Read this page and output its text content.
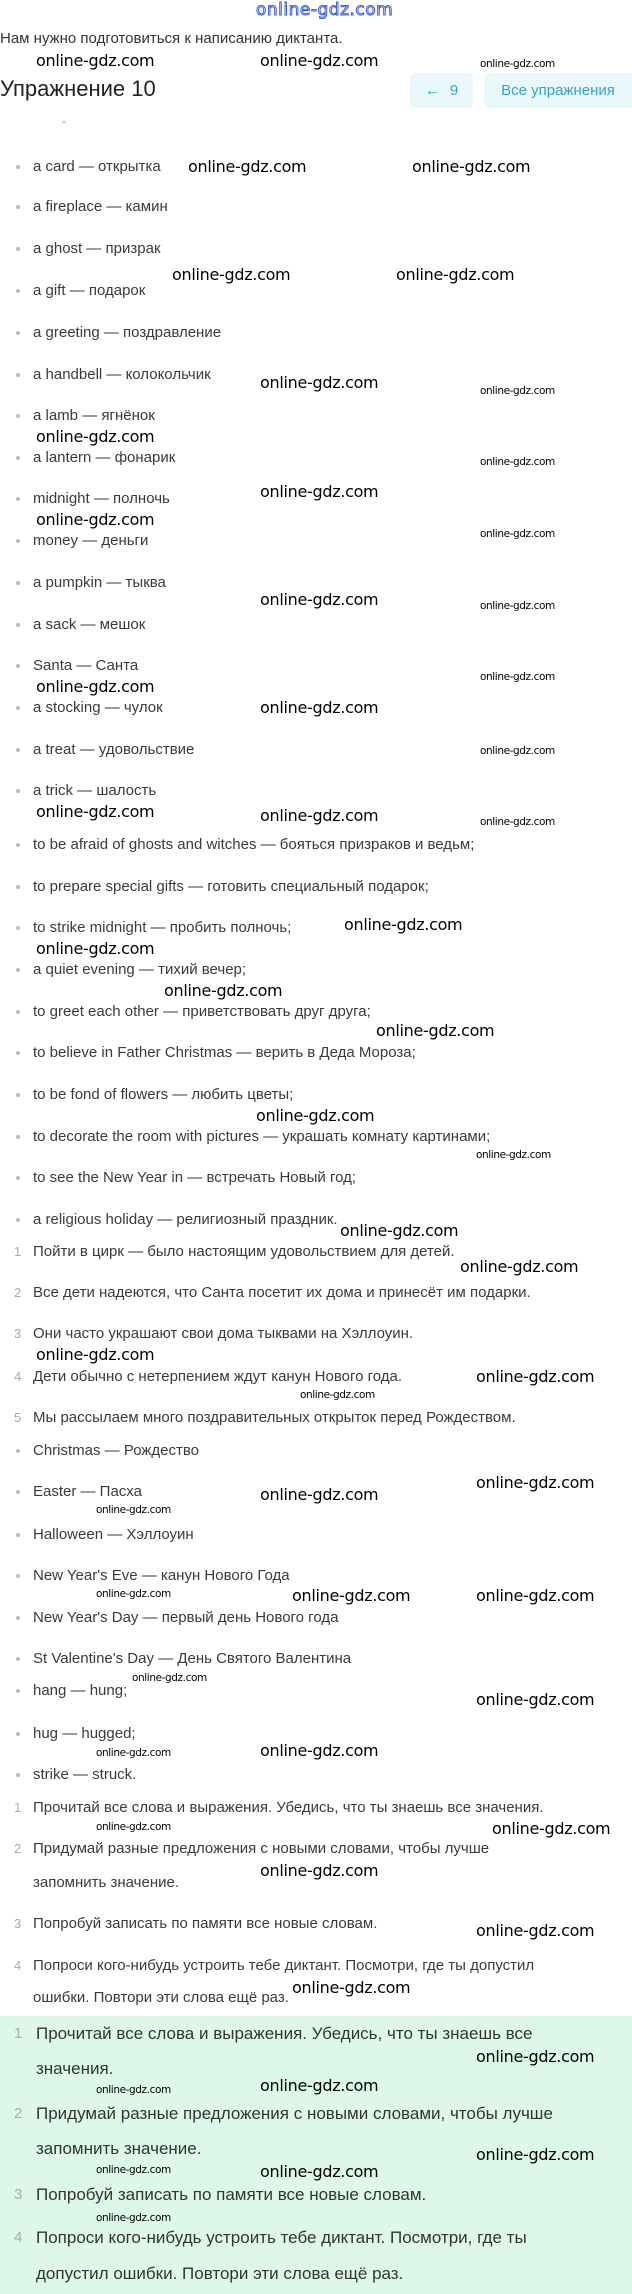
online-gdz.com
Нам нужно подготовиться к написанию диктанта.
Упражнение 10	← 9	Все упражнения
-
a card — открытка
a fireplace — камин
a ghost — призрак
a gift — подарок
a greeting — поздравление
a handbell — колокольчик
a lamb — ягнёнок
a lantern — фонарик
midnight — полночь
money — деньги
a pumpkin — тыква
a sack — мешок
Santa — Санта
a stocking — чулок
a treat — удовольствие
a trick — шалость
to be afraid of ghosts and witches — бояться призраков и ведьм;
to prepare special gifts — готовить специальный подарок;
to strike midnight — пробить полночь;
a quiet evening — тихий вечер;
to greet each other — приветствовать друг друга;
to believe in Father Christmas — верить в Деда Мороза;
to be fond of flowers — любить цветы;
to decorate the room with pictures — украшать комнату картинами;
to see the New Year in — встречать Новый год;
a religious holiday — религиозный праздник.
1 Пойти в цирк — было настоящим удовольствием для детей.
2 Все дети надеются, что Санта посетит их дома и принесёт им подарки.
3 Они часто украшают свои дома тыквами на Хэллоуин.
4 Дети обычно с нетерпением ждут канун Нового года.
5 Мы рассылаем много поздравительных открыток перед Рождеством.
Christmas — Рождество
Easter — Пасха
Halloween — Хэллоуин
New Year's Eve — канун Нового Года
New Year's Day — первый день Нового года
St Valentine's Day — День Святого Валентина
hang — hung;
hug — hugged;
strike — struck.
1 Прочитай все слова и выражения. Убедись, что ты знаешь все значения.
2 Придумай разные предложения с новыми словами, чтобы лучше
запомнить значение.
3 Попробуй записать по памяти все новые словам.
4 Попроси кого-нибудь устроить тебе диктант. Посмотри, где ты допустил
ошибки. Повтори эти слова ещё раз.
1 Прочитай все слова и выражения. Убедись, что ты знаешь все
значения.
2 Придумай разные предложения с новыми словами, чтобы лучше
запомнить значение.
3 Попробуй записать по памяти все новые словам.
4 Попроси кого-нибудь устроить тебе диктант. Посмотри, где ты
допустил ошибки. Повтори эти слова ещё раз.
online-gdz.com	online-gdz.com
online-gdz.com	online-gdz.com
online-gdz.com	online-gdz.com
online-gdz.com
online-gdz.com
online-gdz.com
online-gdz.com
online-gdz.com
online-gdz.com
online-gdz.com
online-gdz.com	online-gdz.com
online-gdz.com
online-gdz.com
online-gdz.com
online-gdz.com
online-gdz.com
online-gdz.com
online-gdz.com
online-gdz.com
online-gdz.com
online-gdz.com
online-gdz.com
online-gdz.com
online-gdz.com
online-gdz.com
online-gdz.com
online-gdz.com
online-gdz.com
online-gdz.com
online-gdz.com
online-gdz.com
online-gdz.com
online-gdz.com
online-gdz.com
online-gdz.com
online-gdz.com
online-gdz.com
online-gdz.com
online-gdz.com
online-gdz.com
online-gdz.com
online-gdz.com
online-gdz.com
online-gdz.com
online-gdz.com
online-gdz.com
online-gdz.com
online-gdz.com
online-gdz.com
online-gdz.com
online-gdz.com
online-gdz.com
